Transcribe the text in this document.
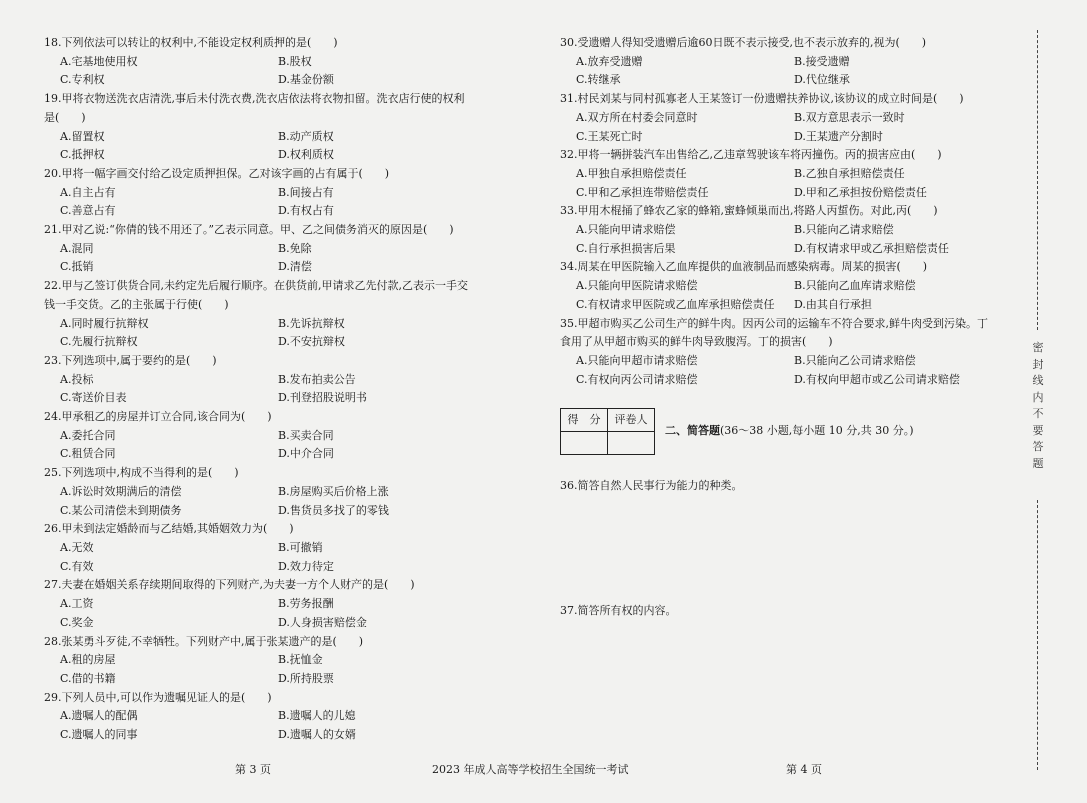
18.下列依法可以转让的权利中,不能设定权利质押的是(　　)
A.宅基地使用权	B.股权
C.专利权	D.基金份额
19.甲将衣物送洗衣店清洗,事后未付洗衣费,洗衣店依法将衣物扣留。洗衣店行使的权利
是(　　)
A.留置权	B.动产质权
C.抵押权	D.权利质权
20.甲将一幅字画交付给乙设定质押担保。乙对该字画的占有属于(　　)
A.自主占有	B.间接占有
C.善意占有	D.有权占有
21.甲对乙说:“你倩的钱不用还了。”乙表示同意。甲、乙之间债务消灭的原因是(　　)
A.混同	B.免除
C.抵销	D.清偿
22.甲与乙签订供货合同,未约定先后履行顺序。在供货前,甲请求乙先付款,乙表示一手交
钱一手交货。乙的主张属于行使(　　)
A.同时履行抗辩权	B.先诉抗辩权
C.先履行抗辩权	D.不安抗辩权
23.下列选项中,属于要约的是(　　)
A.投标	B.发布拍卖公告
C.寄送价目表	D.刊登招股说明书
24.甲承租乙的房屋并订立合同,该合同为(　　)
A.委托合同	B.买卖合同
C.租赁合同	D.中介合同
25.下列选项中,构成不当得利的是(　　)
A.诉讼时效期满后的清偿	B.房屋购买后价格上涨
C.某公司清偿未到期债务	D.售货员多找了的零钱
26.甲未到法定婚龄而与乙结婚,其婚姻效力为(　　)
A.无效	B.可撤销
C.有效	D.效力待定
27.夫妻在婚姻关系存续期间取得的下列财产,为夫妻一方个人财产的是(　　)
A.工资	B.劳务报酬
C.奖金	D.人身损害赔偿金
28.张某勇斗歹徒,不幸牺牲。下列财产中,属于张某遗产的是(　　)
A.租的房屋	B.抚恤金
C.借的书籍	D.所持股票
29.下列人员中,可以作为遗嘱见证人的是(　　)
A.遗嘱人的配偶	B.遗嘱人的儿媳
C.遗嘱人的同事	D.遗嘱人的女婿
30.受遗赠人得知受遗赠后逾60日既不表示接受,也不表示放弃的,视为(　　)
A.放弃受遗赠	B.接受遗赠
C.转继承	D.代位继承
31.村民刘某与同村孤寡老人王某签订一份遗赠扶养协议,该协议的成立时间是(　　)
A.双方所在村委会同意时	B.双方意思表示一致时
C.王某死亡时	D.王某遗产分割时
32.甲将一辆拼装汽车出售给乙,乙违章驾驶该车将丙撞伤。丙的损害应由(　　)
A.甲独自承担赔偿责任	B.乙独自承担赔偿责任
C.甲和乙承担连带赔偿责任	D.甲和乙承担按份赔偿责任
33.甲用木棍捅了蜂农乙家的蜂箱,蜜蜂倾巢而出,将路人丙蜇伤。对此,丙(　　)
A.只能向甲请求赔偿	B.只能向乙请求赔偿
C.自行承担损害后果	D.有权请求甲或乙承担赔偿责任
34.周某在甲医院输入乙血库提供的血液制品而感染病毒。周某的损害(　　)
A.只能向甲医院请求赔偿	B.只能向乙血库请求赔偿
C.有权请求甲医院或乙血库承担赔偿责任	D.由其自行承担
35.甲超市购买乙公司生产的鲜牛肉。因丙公司的运输车不符合要求,鲜牛肉受到污染。丁
食用了从甲超市购买的鲜牛肉导致腹泻。丁的损害(　　)
A.只能向甲超市请求赔偿	B.只能向乙公司请求赔偿
C.有权向丙公司请求赔偿	D.有权向甲超市或乙公司请求赔偿
得　分	评卷人

二、简答题(36～38 小题,每小题 10 分,共 30 分。)
36.简答自然人民事行为能力的种类。
37.简答所有权的内容。
第 3 页	2023 年成人高等学校招生全国统一考试	第 4 页
密封线内不要答题
